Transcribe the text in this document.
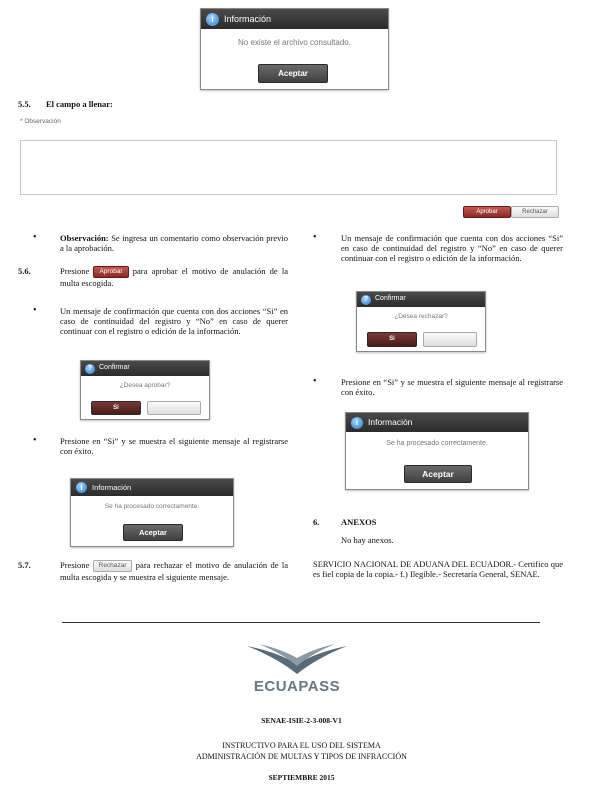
i	Información
No existe el archivo consultado.
Aceptar
5.5. El campo a llenar:
* Observación
Aprobar	Rechazar
•	Observación: Se ingresa un comentario como observación previo a la aprobación.
5.6.	Presione Aprobar para aprobar el motivo de anulación de la multa escogida.
•	Un mensaje de confirmación que cuenta con dos acciones “Si” en caso de continuidad del registro y “No” en caso de querer continuar con el registro o edición de la información.
? Confirmar
¿Desea aprobar?
Si
•	Presione en “Si” y se muestra el siguiente mensaje al registrarse con éxito.
i	Información
Se ha procesado correctamente.
Aceptar
5.7.	Presione Rechazar para rechazar el motivo de anulación de la multa escogida y se muestra el siguiente mensaje.
•	Un mensaje de confirmación que cuenta con dos acciones “Si” en caso de continuidad del registro y “No” en caso de querer continuar con el registro o edición de la información.
? Confirmar
¿Desea rechazar?
Si
•	Presione en “Si” y se muestra el siguiente mensaje al registrarse con éxito.
i	Información
Se ha procesado correctamente.
Aceptar
6.	ANEXOS
No hay anexos.
SERVICIO NACIONAL DE ADUANA DEL ECUADOR.- Certifico que es fiel copia de la copia.- f.) Ilegible.- Secretaría General, SENAE.
ECUAPASS
SENAE-ISIE-2-3-008-V1
INSTRUCTIVO PARA EL USO DEL SISTEMA
ADMINISTRACIÓN DE MULTAS Y TIPOS DE INFRACCIÓN
SEPTIEMBRE 2015
